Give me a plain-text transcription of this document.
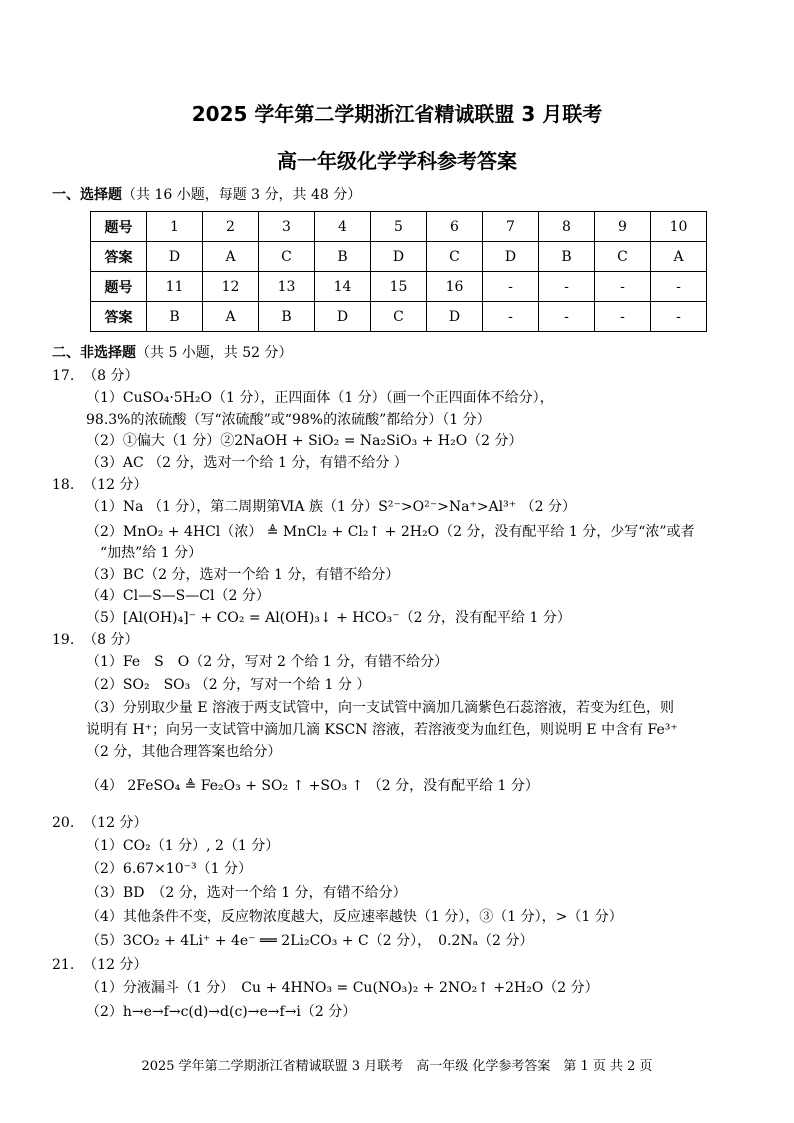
2025 学年第二学期浙江省精诚联盟 3 月联考
高一年级化学学科参考答案
一、选择题（共 16 小题，每题 3 分，共 48 分）
题号	1	2	3	4	5	6	7	8	9	10
答案	D	A	C	B	D	C	D	B	C	A
题号	11	12	13	14	15	16	-	-	-	-
答案	B	A	B	D	C	D	-	-	-	-
二、非选择题（共 5 小题，共 52 分）
17. （8 分）
（1）CuSO₄·5H₂O（1 分），正四面体（1 分）（画一个正四面体不给分），
98.3%的浓硫酸（写“浓硫酸”或“98%的浓硫酸”都给分）（1 分）
（2）①偏大（1 分）②2NaOH + SiO₂ = Na₂SiO₃ + H₂O（2 分）
（3）AC （2 分，选对一个给 1 分，有错不给分 ）
18. （12 分）
（1）Na （1 分），第二周期第ⅥA 族（1 分）S²⁻>O²⁻>Na⁺>Al³⁺ （2 分）
（2）MnO₂ + 4HCl（浓） ≜ MnCl₂ + Cl₂↑ + 2H₂O（2 分，没有配平给 1 分，少写“浓”或者
“加热”给 1 分）
（3）BC（2 分，选对一个给 1 分，有错不给分）
（4）Cl—S—S—Cl（2 分）
（5）[Al(OH)₄]⁻ + CO₂ = Al(OH)₃↓ + HCO₃⁻（2 分，没有配平给 1 分）
19. （8 分）
（1）Fe　S　O（2 分，写对 2 个给 1 分，有错不给分）
（2）SO₂　SO₃ （2 分，写对一个给 1 分 ）
（3）分别取少量 E 溶液于两支试管中，向一支试管中滴加几滴紫色石蕊溶液，若变为红色，则
说明有 H⁺；向另一支试管中滴加几滴 KSCN 溶液，若溶液变为血红色，则说明 E 中含有 Fe³⁺
（2 分，其他合理答案也给分）
（4） 2FeSO₄ ≜ Fe₂O₃ + SO₂ ↑ +SO₃ ↑ （2 分，没有配平给 1 分）
20. （12 分）
（1）CO₂（1 分）, 2（1 分）
（2）6.67×10⁻³（1 分）
（3）BD　（2 分，选对一个给 1 分，有错不给分）
（4）其他条件不变，反应物浓度越大，反应速率越快（1 分），③（1 分），>（1 分）
（5）3CO₂ + 4Li⁺ + 4e⁻ ══ 2Li₂CO₃ + C（2 分），　0.2Nₐ（2 分）
21. （12 分）
（1）分液漏斗（1 分）　Cu + 4HNO₃ = Cu(NO₃)₂ + 2NO₂↑ +2H₂O（2 分）
（2）h→e→f→c(d)→d(c)→e→f→i（2 分）
2025 学年第二学期浙江省精诚联盟 3 月联考　高一年级 化学参考答案　第 1 页 共 2 页
